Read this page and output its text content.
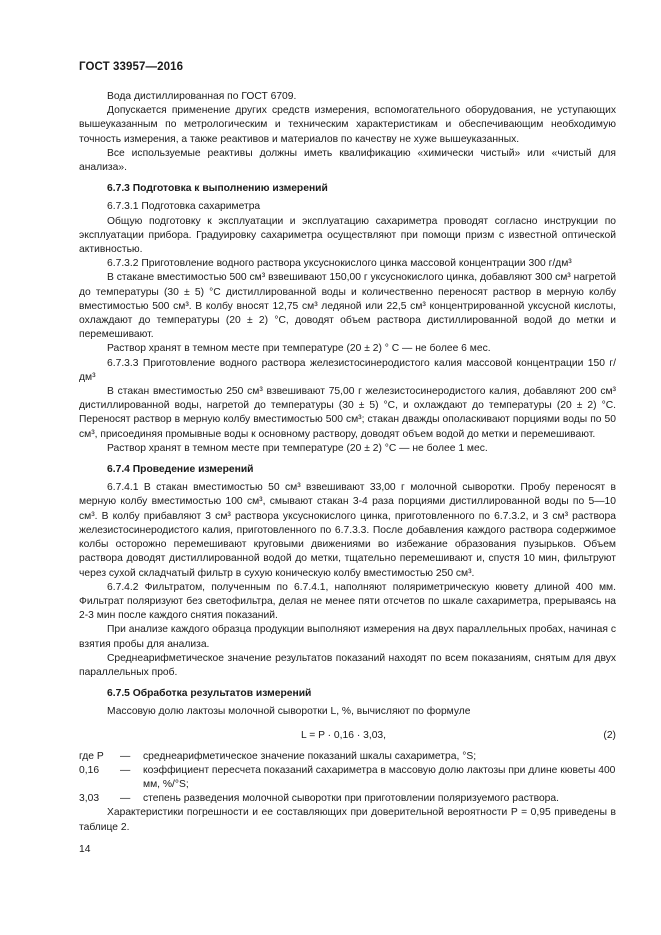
ГОСТ 33957—2016

Вода дистиллированная по ГОСТ 6709.

Допускается применение других средств измерения, вспомогательного оборудования, не уступающих вышеуказанным по метрологическим и техническим характеристикам и обеспечивающим необходимую точность измерения, а также реактивов и материалов по качеству не хуже вышеуказанных.

Все используемые реактивы должны иметь квалификацию «химически чистый» или «чистый для анализа».

6.7.3 Подготовка к выполнению измерений

6.7.3.1 Подготовка сахариметра

Общую подготовку к эксплуатации и эксплуатацию сахариметра проводят согласно инструкции по эксплуатации прибора. Градуировку сахариметра осуществляют при помощи призм с известной оптической активностью.

6.7.3.2 Приготовление водного раствора уксуснокислого цинка массовой концентрации 300 г/дм³

В стакане вместимостью 500 см³ взвешивают 150,00 г уксуснокислого цинка, добавляют 300 см³ нагретой до температуры (30 ± 5) °С дистиллированной воды и количественно переносят раствор в мерную колбу вместимостью 500 см³. В колбу вносят 12,75 см³ ледяной или 22,5 см³ концентрированной уксусной кислоты, охлаждают до температуры (20 ± 2) °С, доводят объем раствора дистиллированной водой до метки и перемешивают.

Раствор хранят в темном месте при температуре (20 ± 2) ° С — не более 6 мес.

6.7.3.3 Приготовление водного раствора железистосинеродистого калия массовой концентрации 150 г/дм³

В стакан вместимостью 250 см³ взвешивают 75,00 г железистосинеродистого калия, добавляют 200 см³ дистиллированной воды, нагретой до температуры (30 ± 5) °С, и охлаждают до температуры (20 ± 2) °С. Переносят раствор в мерную колбу вместимостью 500 см³; стакан дважды ополаскивают порциями воды по 50 см³, присоединяя промывные воды к основному раствору, доводят объем водой до метки и перемешивают.

Раствор хранят в темном месте при температуре (20 ± 2) °С — не более 1 мес.

6.7.4 Проведение измерений

6.7.4.1 В стакан вместимостью 50 см³ взвешивают 33,00 г молочной сыворотки. Пробу переносят в мерную колбу вместимостью 100 см³, смывают стакан 3-4 раза порциями дистиллированной воды по 5—10 см³. В колбу прибавляют 3 см³ раствора уксуснокислого цинка, приготовленного по 6.7.3.2, и 3 см³ раствора железистосинеродистого калия, приготовленного по 6.7.3.3. После добавления каждого раствора содержимое колбы осторожно перемешивают круговыми движениями во избежание образования пузырьков. Объем раствора доводят дистиллированной водой до метки, тщательно перемешивают и, спустя 10 мин, фильтруют через сухой складчатый фильтр в сухую коническую колбу вместимостью 250 см³.

6.7.4.2 Фильтратом, полученным по 6.7.4.1, наполняют поляриметрическую кювету длиной 400 мм. Фильтрат поляризуют без светофильтра, делая не менее пяти отсчетов по шкале сахариметра, прерываясь на 2-3 мин после каждого снятия показаний.

При анализе каждого образца продукции выполняют измерения на двух параллельных пробах, начиная с взятия пробы для анализа.

Среднеарифметическое значение результатов показаний находят по всем показаниям, снятым для двух параллельных проб.

6.7.5 Обработка результатов измерений

Массовую долю лактозы молочной сыворотки L, %, вычисляют по формуле

L = P · 0,16 · 3,03,	(2)
где P	—	среднеарифметическое значение показаний шкалы сахариметра, °S;
0,16	—	коэффициент пересчета показаний сахариметра в массовую долю лактозы при длине кюветы 400 мм, %/°S;
3,03	—	степень разведения молочной сыворотки при приготовлении поляризуемого раствора.

Характеристики погрешности и ее составляющих при доверительной вероятности P = 0,95 приведены в таблице 2.

14
